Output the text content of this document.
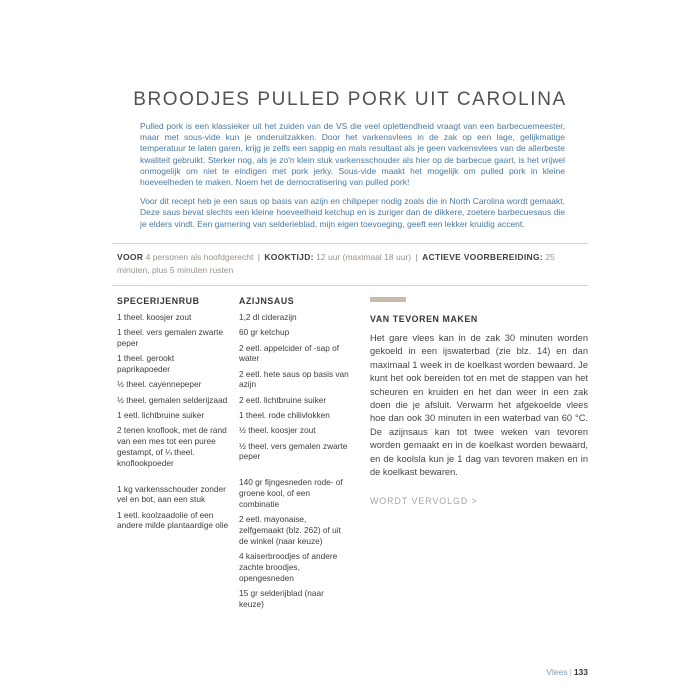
BROODJES PULLED PORK UIT CAROLINA

Pulled pork is een klassieker uit het zuiden van de VS die veel oplettendheid vraagt van een barbecuemeester, maar met sous-vide kun je onderuitzakken. Door het varkensvlees in de zak op een lage, gelijkmatige temperatuur te laten garen, krijg je zelfs een sappig en mals resultaat als je geen varkensvlees van de allerbeste kwaliteit gebruikt. Sterker nog, als je zo'n klein stuk varkensschouder als hier op de barbecue gaart, is het vrijwel onmogelijk om niet te eindigen met pork jerky. Sous-vide maakt het mogelijk om pulled pork in kleine hoeveelheden te maken. Noem het de democratisering van pulled pork!

Voor dit recept heb je een saus op basis van azijn en chilipeper nodig zoals die in North Carolina wordt gemaakt. Deze saus bevat slechts een kleine hoeveelheid ketchup en is zuriger dan de dikkere, zoetere barbecuesaus die je elders vindt. Een garnering van selderieblad, mijn eigen toevoeging, geeft een lekker kruidig accent.

VOOR 4 personen als hoofdgerecht | KOOKTIJD: 12 uur (maximaal 18 uur) | ACTIEVE VOORBEREIDING: 25 minuten, plus 5 minuten rusten
SPECERIJENRUB
1 theel. koosjer zout
1 theel. vers gemalen zwarte peper
1 theel. gerookt paprikapoeder
½ theel. cayennepeper
½ theel. gemalen selderijzaad
1 eetl. lichtbruine suiker
2 tenen knoflook, met de rand van een mes tot een puree gestampt, of ¼ theel. knoflookpoeder
1 kg varkensschouder zonder vel en bot, aan een stuk
1 eetl. koolzaadolie of een andere milde plantaardige olie
AZIJNSAUS
1,2 dl ciderazijn
60 gr ketchup
2 eetl. appelcider of -sap of water
2 eetl. hete saus op basis van azijn
2 eetl. lichtbruine suiker
1 theel. rode chilivlokken
½ theel. koosjer zout
½ theel. vers gemalen zwarte peper
140 gr fijngesneden rode- of groene kool, of een combinatie
2 eetl. mayonaise, zelfgemaakt (blz. 262) of uit de winkel (naar keuze)
4 kaiserbroodjes of andere zachte broodjes, opengesneden
15 gr selderijblad (naar keuze)
VAN TEVOREN MAKEN

Het gare vlees kan in de zak 30 minuten worden gekoeld in een ijswaterbad (zie blz. 14) en dan maximaal 1 week in de koelkast worden bewaard. Je kunt het ook bereiden tot en met de stappen van het scheuren en kruiden en het dan weer in een zak doen die je afsluit. Verwarm het afgekoelde vlees hoe dan ook 30 minuten in een waterbad van 60 °C. De azijnsaus kan tot twee weken van tevoren worden gemaakt en in de koelkast worden bewaard, en de koolsla kun je 1 dag van tevoren maken en in de koelkast bewaren.

WORDT VERVOLGD >
Vlees | 133
